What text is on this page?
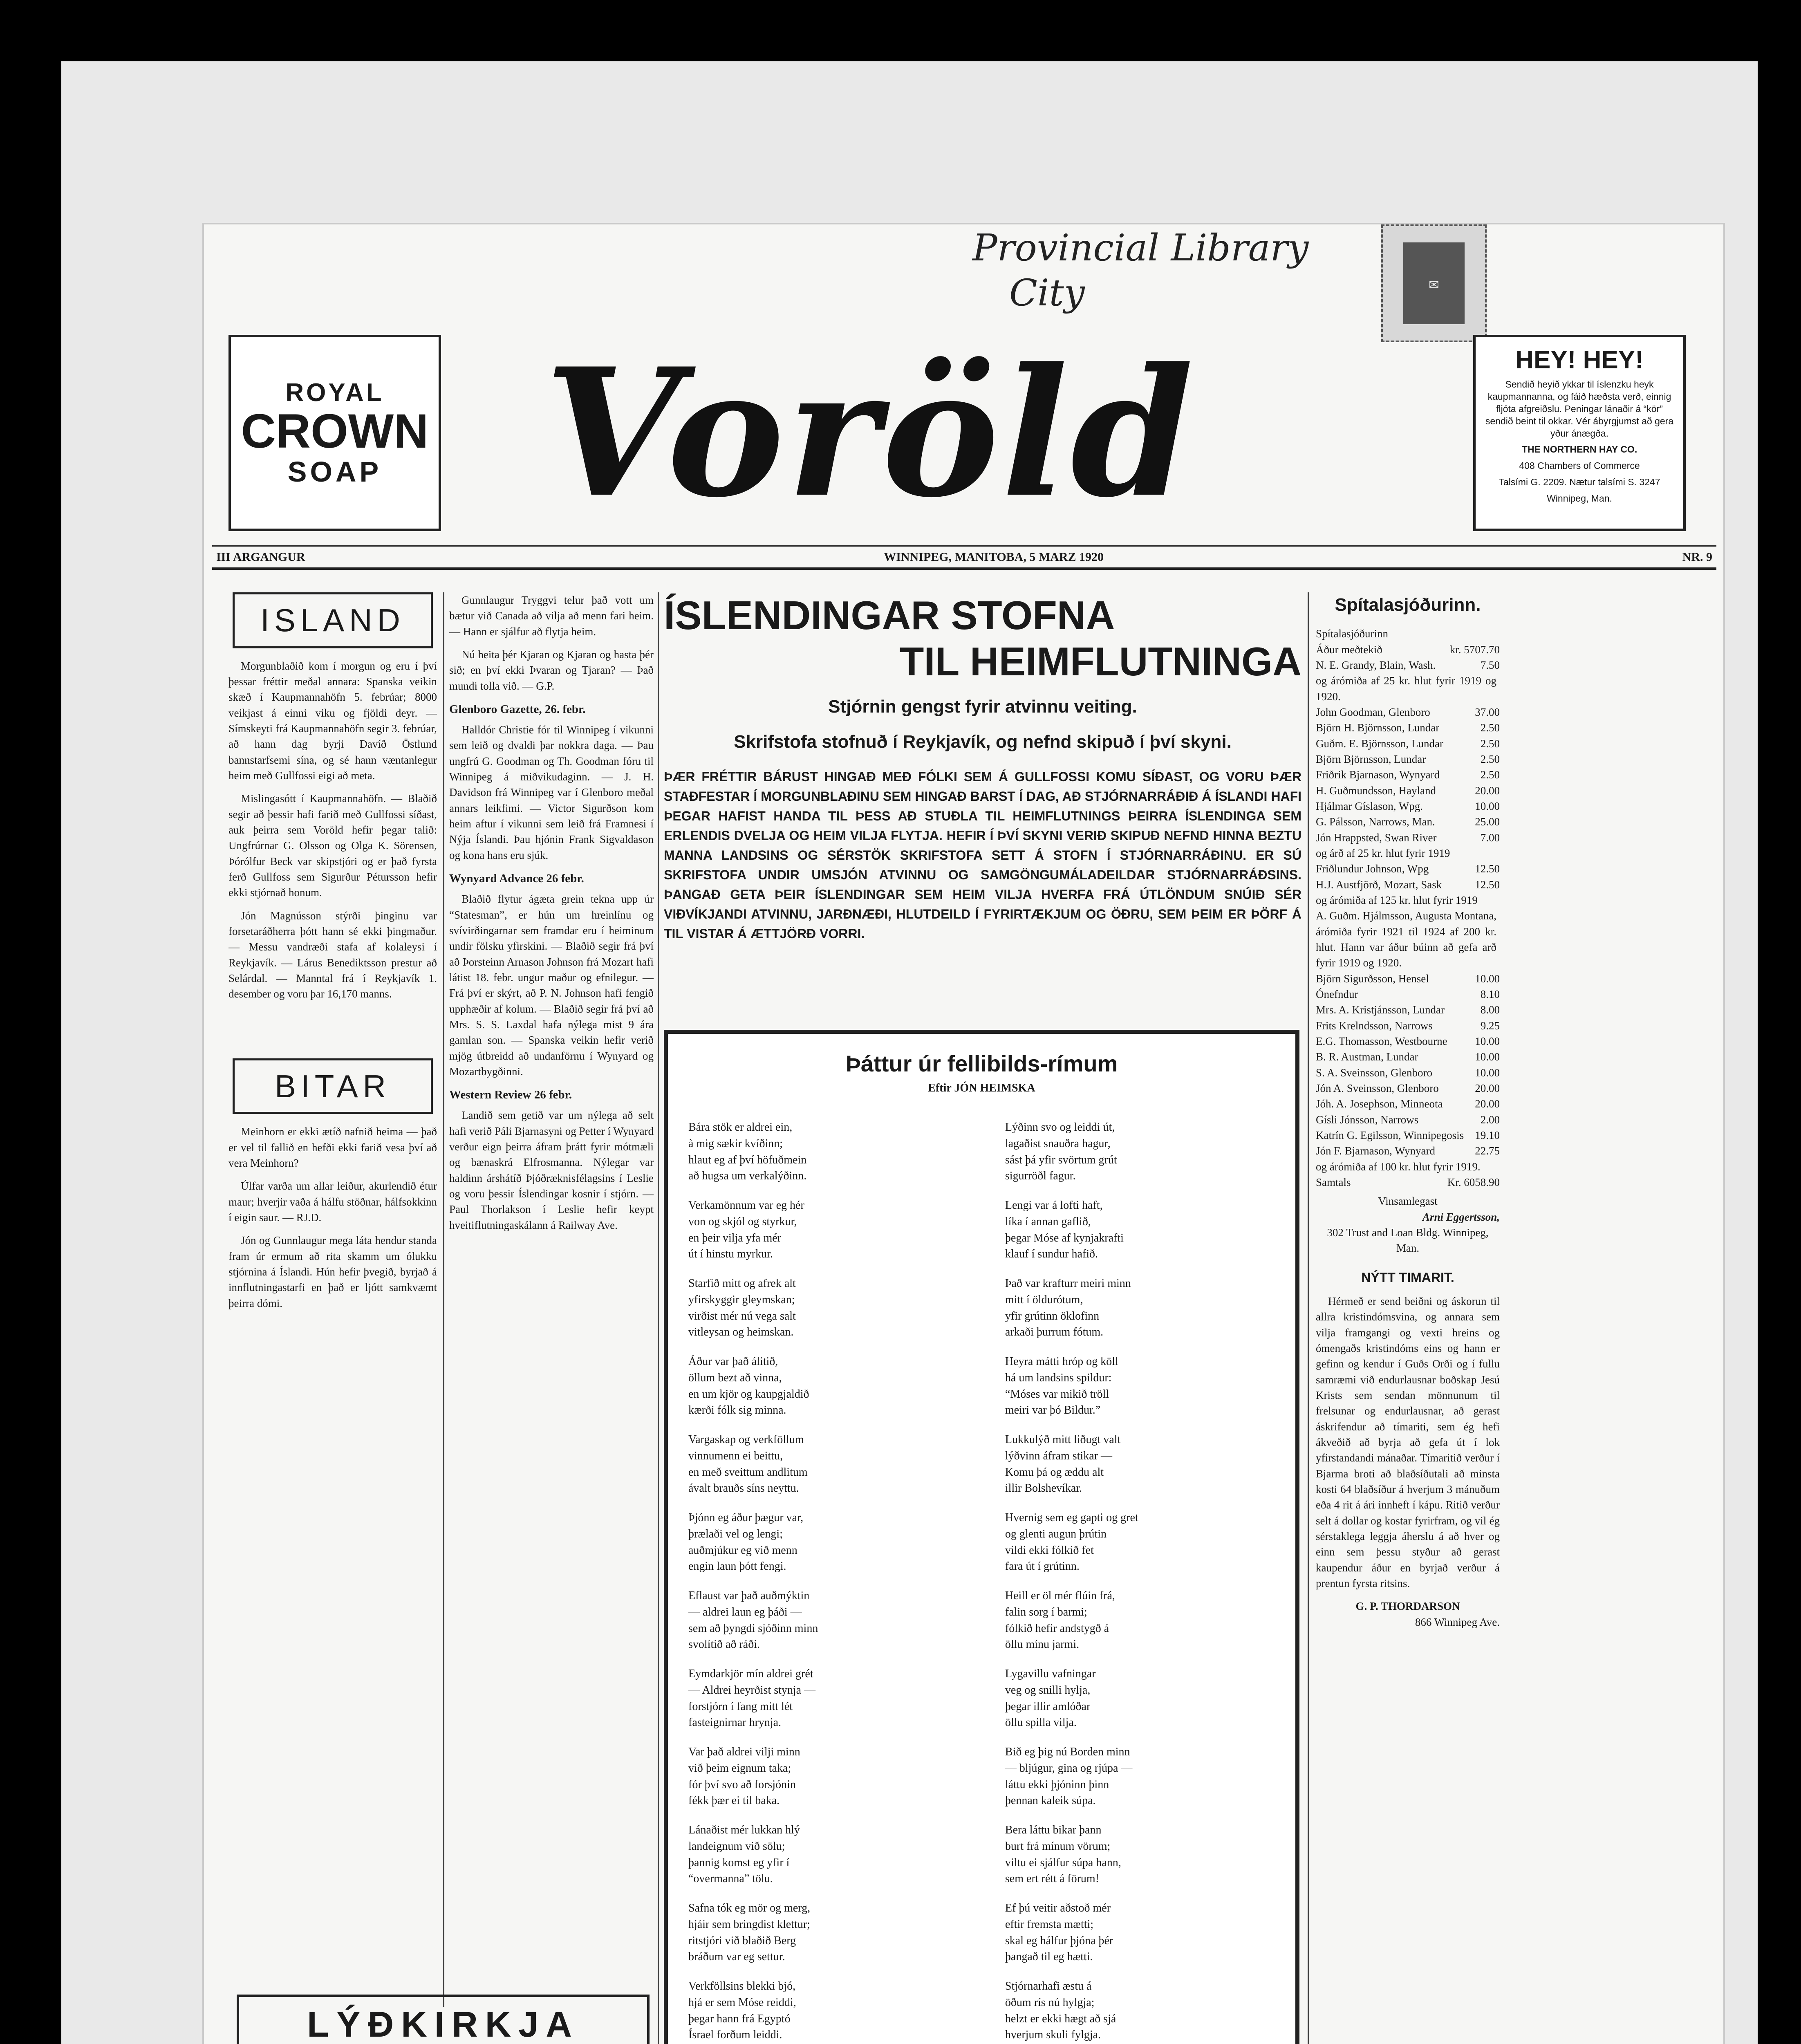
Provincial Library
City	✉
ROYAL
CROWN
SOAP Voröld	HEY! HEY!
Sendið heyið ykkar til íslenzku heyk kaupmannanna, og fáið hæðsta verð, einnig fljóta afgreiðslu. Peningar lánaðir á “kör” sendið beint til okkar. Vér ábyrgjumst að gera yður ánægða.
THE NORTHERN HAY CO.
408 Chambers of Commerce
Talsími G. 2209. Nætur talsími S. 3247
Winnipeg, Man.
III ARGANGUR	WINNIPEG, MANITOBA, 5 MARZ 1920	NR. 9
ISLAND

Morgunblaðið kom í morgun og eru í því þessar fréttir meðal annara: Spanska veikin skæð í Kaupmannahöfn 5. febrúar; 8000 veikjast á einni viku og fjöldi deyr. — Símskeyti frá Kaupmannahöfn segir 3. febrúar, að hann dag byrji Davíð Östlund bannstarfsemi sína, og sé hann væntanlegur heim með Gullfossi eigi að meta.

Mislingasótt í Kaupmannahöfn. — Blaðið segir að þessir hafi farið með Gullfossi síðast, auk þeirra sem Voröld hefir þegar talið: Ungfrúrnar G. Olsson og Olga K. Sörensen, Þórólfur Beck var skipstjóri og er það fyrsta ferð Gullfoss sem Sigurður Pétursson hefir ekki stjórnað honum.

Jón Magnússon stýrði þinginu var forsetaráðherra þótt hann sé ekki þingmaður. — Messu vandræði stafa af kolaleysi í Reykjavík. — Lárus Benediktsson prestur að Selárdal. — Manntal frá í Reykjavík 1. desember og voru þar 16,170 manns.

BITAR

Meinhorn er ekki ætíð nafnið heima — það er vel til fallið en hefði ekki farið vesa því að vera Meinhorn?

Úlfar varða um allar leiður, akurlendið étur maur; hverjir vaða á hálfu stöðnar, hálfsokkinn í eigin saur. — RJ.D.

Jón og Gunnlaugur mega láta hendur standa fram úr ermum að rita skamm um ólukku stjórnina á Íslandi. Hún hefir þvegið, byrjað á innflutningastarfi en það er ljótt samkvæmt þeirra dómi.

Gunnlaugur Tryggvi telur það vott um bætur við Canada að vilja að menn fari heim. — Hann er sjálfur að flytja heim.

Nú heita þér Kjaran og Kjaran og hasta þér sið; en því ekki Þvaran og Tjaran? — Það mundi tolla við. — G.P.

Glenboro Gazette, 26. febr.

Halldór Christie fór til Winnipeg í vikunni sem leið og dvaldi þar nokkra daga. — Þau ungfrú G. Goodman og Th. Goodman fóru til Winnipeg á miðvikudaginn. — J. H. Davidson frá Winnipeg var í Glenboro meðal annars leikfimi. — Victor Sigurðson kom heim aftur í vikunni sem leið frá Framnesi í Nýja Íslandi. Þau hjónin Frank Sigvaldason og kona hans eru sjúk.

Wynyard Advance 26 febr.

Blaðið flytur ágæta grein tekna upp úr “Statesman”, er hún um hreinlínu og svívirðingarnar sem framdar eru í heiminum undir fölsku yfirskini. — Blaðið segir frá því að Þorsteinn Arnason Johnson frá Mozart hafi látist 18. febr. ungur maður og efnilegur. — Frá því er skýrt, að P. N. Johnson hafi fengið upphæðir af kolum. — Blaðið segir frá því að Mrs. S. S. Laxdal hafa nýlega mist 9 ára gamlan son. — Spanska veikin hefir verið mjög útbreidd að undanförnu í Wynyard og Mozartbygðinni.

Western Review 26 febr.

Landið sem getið var um nýlega að selt hafi verið Páli Bjarnasyni og Petter í Wynyard verður eign þeirra áfram þrátt fyrir mótmæli og bænaskrá Elfrosmanna. Nýlegar var haldinn árshátíð Þjóðræknisfélagsins í Leslie og voru þessir Íslendingar kosnir í stjórn. — Paul Thorlakson í Leslie hefir keypt hveitiflutningaskálann á Railway Ave.

ÍSLENDINGAR STOFNA
TIL HEIMFLUTNINGA
Stjórnin gengst fyrir atvinnu veiting.
Skrifstofa stofnuð í Reykjavík, og nefnd skipuð í því skyni.
ÞÆR FRÉTTIR BÁRUST HINGAÐ MEÐ FÓLKI SEM Á GULLFOSSI KOMU SÍÐAST, OG VORU ÞÆR STAÐFESTAR Í MORGUNBLAÐINU SEM HINGAÐ BARST Í DAG, AÐ STJÓRNARRÁÐIÐ Á ÍSLANDI HAFI ÞEGAR HAFIST HANDA TIL ÞESS AÐ STUÐLA TIL HEIMFLUTNINGS ÞEIRRA ÍSLENDINGA SEM ERLENDIS DVELJA OG HEIM VILJA FLYTJA. HEFIR Í ÞVÍ SKYNI VERIÐ SKIPUÐ NEFND HINNA BEZTU MANNA LANDSINS OG SÉRSTÖK SKRIFSTOFA SETT Á STOFN Í STJÓRNARRÁÐINU. ER SÚ SKRIFSTOFA UNDIR UMSJÓN ATVINNU OG SAMGÖNGUMÁLADEILDAR STJÓRNARRÁÐSINS. ÞANGAÐ GETA ÞEIR ÍSLENDINGAR SEM HEIM VILJA HVERFA FRÁ ÚTLÖNDUM SNÚIÐ SÉR VIÐVÍKJANDI ATVINNU, JARÐNÆÐI, HLUTDEILD Í FYRIRTÆKJUM OG ÖÐRU, SEM ÞEIM ER ÞÖRF Á TIL VISTAR Á ÆTTJÖRÐ VORRI.
Þáttur úr fellibilds-rímum
Eftir JÓN HEIMSKA
Bára stök er aldrei ein,
à mig sækir kvíðinn;
hlaut eg af því höfuðmein
að hugsa um verkalýðinn.
Verkamönnum var eg hér
von og skjól og styrkur,
en þeir vilja yfa mér
út í hinstu myrkur.
Starfið mitt og afrek alt
yfirskyggir gleymskan;
virðist mér nú vega salt
vitleysan og heimskan.
Áður var það álitið,
öllum bezt að vinna,
en um kjör og kaupgjaldið
kærði fólk sig minna.
Vargaskap og verkföllum
vinnumenn ei beittu,
en með sveittum andlitum
ávalt brauðs síns neyttu.
Þjónn eg áður þægur var,
þrælaði vel og lengi;
auðmjúkur eg við menn
engin laun þótt fengi.
Eflaust var það auðmýktin
— aldrei laun eg þáði —
sem að þyngdi sjóðinn minn
svolítið að ráði.
Eymdarkjör mín aldrei grét
— Aldrei heyrðist stynja —
forstjórn í fang mitt lét
fasteignirnar hrynja.
Var það aldrei vilji minn
við þeim eignum taka;
fór því svo að forsjónin
fékk þær ei til baka.
Lánaðist mér lukkan hlý
landeignum við sölu;
þannig komst eg yfir í
“overmanna” tölu.
Safna tók eg mör og merg,
hjáir sem bringdist klettur;
ritstjóri við blaðið Berg
bráðum var eg settur.
Verkföllsins blekki bjó,
hjá er sem Móse reiddi,
þegar hann frá Egyptó
Ísrael forðum leiddi.
Lýðinn svo og leiddi út,
lagaðist snauðra hagur,
sást þá yfir svörtum grút
sigurröðl fagur.
Lengi var á lofti haft,
líka í annan gaflið,
þegar Móse af kynjakrafti
klauf í sundur hafið.
Það var krafturr meiri minn
mitt í öldurótum,
yfir grútinn öklofinn
arkaði þurrum fótum.
Heyra mátti hróp og köll
há um landsins spildur:
“Móses var mikið tröll
meiri var þó Bildur.”
Lukkulýð mitt liðugt valt
lýðvinn áfram stikar —
Komu þá og æddu alt
illir Bolshevíkar.
Hvernig sem eg gapti og gret
og glenti augun þrútin
vildi ekki fólkið fet
fara út í grútinn.
Heill er öl mér flúin frá,
falin sorg í barmi;
fólkið hefir andstygð á
öllu mínu jarmi.
Lygavillu vafningar
veg og snilli hylja,
þegar illir amlóðar
öllu spilla vilja.
Bið eg þig nú Borden minn
— bljúgur, gina og rjúpa —
láttu ekki þjóninn þinn
þennan kaleik súpa.
Bera láttu bikar þann
burt frá mínum vörum;
viltu ei sjálfur súpa hann,
sem ert rétt á förum!
Ef þú veitir aðstoð mér
eftir fremsta mætti;
skal eg hálfur þjóna þér
þangað til eg hætti.
Stjórnarhafi æstu á
öðum rís nú hylgja;
helzt er ekki hægt að sjá
hverjum skuli fylgja.
LÝÐKIRKJA
Spítalasjóðurinn.
Spítalasjóðurinn
Áður meðtekið	kr. 5707.70
N. E. Grandy, Blain, Wash.	7.50
og árómiða af 25 kr. hlut fyrir 1919 og 1920.
John Goodman, Glenboro	37.00
Björn H. Björnsson, Lundar	2.50
Guðm. E. Björnsson, Lundar	2.50
Björn Björnsson, Lundar	2.50
Friðrik Bjarnason, Wynyard	2.50
H. Guðmundsson, Hayland	20.00
Hjálmar Gíslason, Wpg.	10.00
G. Pálsson, Narrows, Man.	25.00
Jón Hrappsted, Swan River	7.00
og árð af 25 kr. hlut fyrir 1919
Friðlundur Johnson, Wpg	12.50
H.J. Austfjörð, Mozart, Sask	12.50
og árómiða af 125 kr. hlut fyrir 1919
A. Guðm. Hjálmsson, Augusta Montana, árómiða fyrir 1921 til 1924 af 200 kr. hlut. Hann var áður búinn að gefa arð fyrir 1919 og 1920.
Björn Sigurðsson, Hensel	10.00
Ónefndur	8.10
Mrs. A. Kristjánsson, Lundar	8.00
Frits Krelndsson, Narrows	9.25
E.G. Thomasson, Westbourne	10.00
B. R. Austman, Lundar	10.00
S. A. Sveinsson, Glenboro	10.00
Jón A. Sveinsson, Glenboro	20.00
Jóh. A. Josephson, Minneota	20.00
Gísli Jónsson, Narrows	2.00
Katrín G. Egilsson, Winnipegosis 19.10
Jón F. Bjarnason, Wynyard	22.75
og árómiða af 100 kr. hlut fyrir 1919.
Samtals	Kr. 6058.90
Vinsamlegast
Arni Eggertsson,
302 Trust and Loan Bldg. Winnipeg, Man.
NÝTT TIMARIT.

Hérmeð er send beiðni og áskorun til allra kristindómsvina, og annara sem vilja framgangi og vexti hreins og ómengaðs kristindóms eins og hann er gefinn og kendur í Guðs Orði og í fullu samræmi við endurlausnar boðskap Jesú Krists sem sendan mönnunum til frelsunar og endurlausnar, að gerast áskrifendur að tímariti, sem ég hefi ákveðið að byrja að gefa út í lok yfirstandandi mánaðar. Tímaritið verður í Bjarma broti að blaðsíðutali að minsta kosti 64 blaðsíður á hverjum 3 mánuðum eða 4 rit á ári innheft í kápu. Ritið verður selt á dollar og kostar fyrirfram, og vil ég sérstaklega leggja áherslu á að hver og einn sem þessu styður að gerast kaupendur áður en byrjað verður á prentun fyrsta ritsins.

G. P. THORDARSON
866 Winnipeg Ave.
